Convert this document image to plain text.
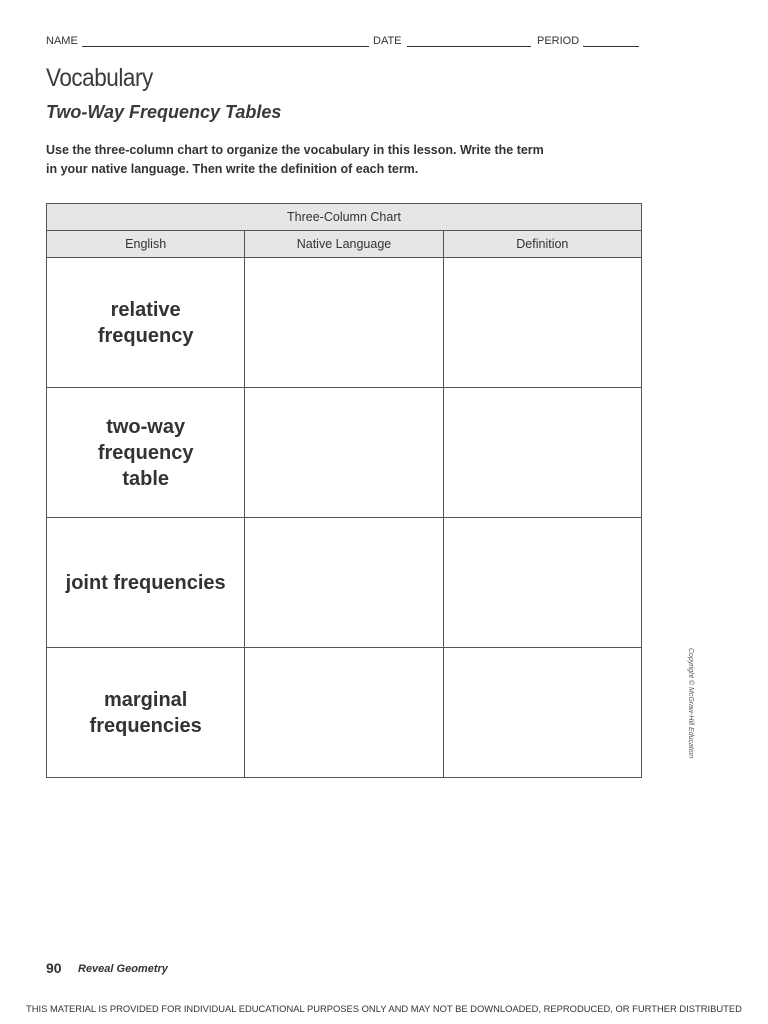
NAME	DATE	PERIOD
Vocabulary
Two-Way Frequency Tables
Use the three-column chart to organize the vocabulary in this lesson. Write the term in your native language. Then write the definition of each term.
Three-Column Chart		
English	Native Language	Definition

relative
frequency		

two-way
frequency
table		

joint frequencies		

marginal
frequencies		
			Copyright © McGraw-Hill Education
90 Reveal Geometry
THIS MATERIAL IS PROVIDED FOR INDIVIDUAL EDUCATIONAL PURPOSES ONLY AND MAY NOT BE DOWNLOADED, REPRODUCED, OR FURTHER DISTRIBUTED
